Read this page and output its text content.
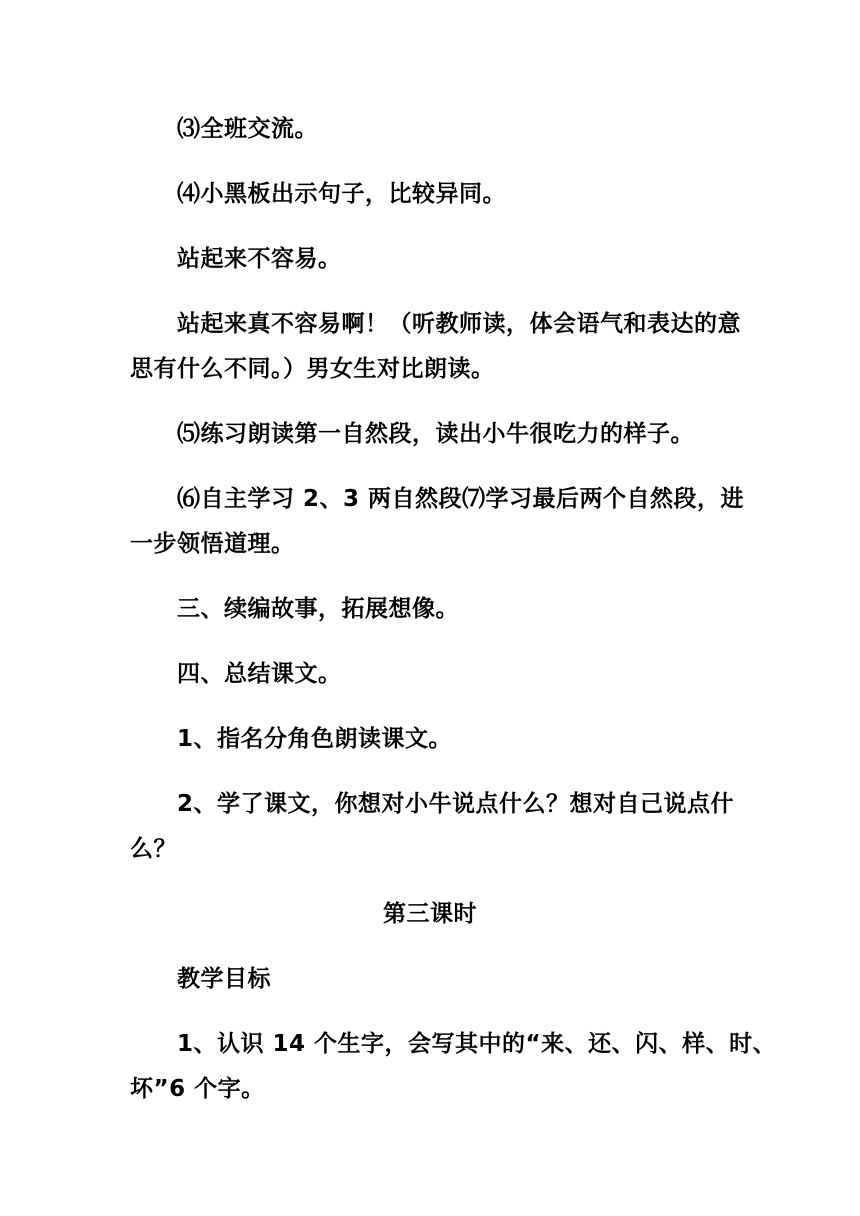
⑶全班交流。
⑷小黑板出示句子，比较异同。
站起来不容易。
站起来真不容易啊！（听教师读，体会语气和表达的意
思有什么不同。）男女生对比朗读。
⑸练习朗读第一自然段，读出小牛很吃力的样子。
⑹自主学习 2、3 两自然段⑺学习最后两个自然段，进
一步领悟道理。
三、续编故事，拓展想像。
四、总结课文。
1、指名分角色朗读课文。
2、学了课文，你想对小牛说点什么？想对自己说点什
么？
第三课时
教学目标
1、认识 14 个生字，会写其中的“来、还、闪、样、时、
坏”6 个字。
